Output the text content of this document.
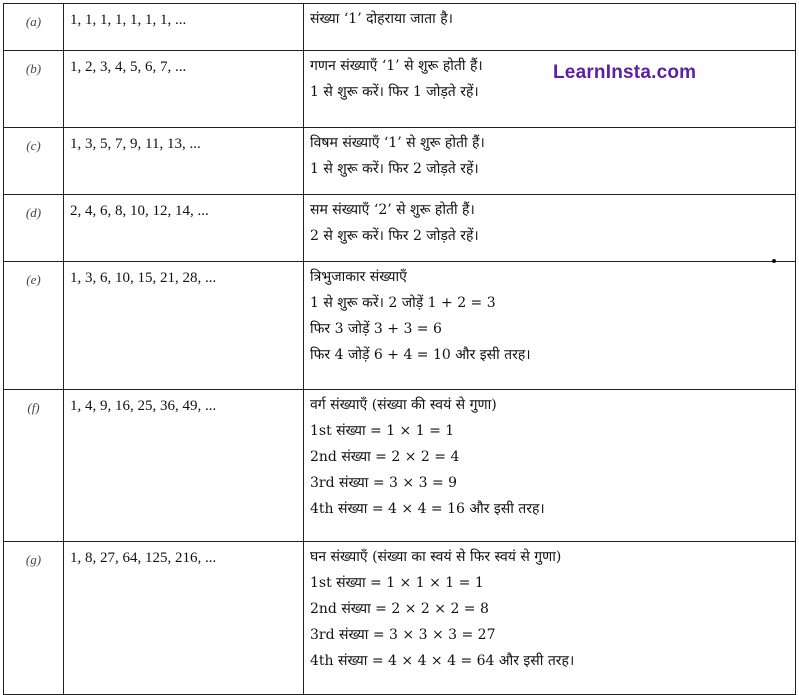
(a)	1, 1, 1, 1, 1, 1, 1, ...	संख्या ‘1’ दोहराया जाता है।

(b)	1, 2, 3, 4, 5, 6, 7, ...	गणन संख्याएँ ‘1’ से शुरू होती हैं।
1 से शुरू करें। फिर 1 जोड़ते रहें।

(c)	1, 3, 5, 7, 9, 11, 13, ...	विषम संख्याएँ ‘1’ से शुरू होती हैं।
1 से शुरू करें। फिर 2 जोड़ते रहें।

(d)	2, 4, 6, 8, 10, 12, 14, ...	सम संख्याएँ ‘2’ से शुरू होती हैं।
2 से शुरू करें। फिर 2 जोड़ते रहें।

(e)	1, 3, 6, 10, 15, 21, 28, ...	त्रिभुजाकार संख्याएँ
1 से शुरू करें। 2 जोड़ें 1 + 2 = 3
फिर 3 जोड़ें 3 + 3 = 6
फिर 4 जोड़ें 6 + 4 = 10 और इसी तरह।

(f)	1, 4, 9, 16, 25, 36, 49, ...	वर्ग संख्याएँ (संख्या की स्वयं से गुणा)
1st संख्या = 1 × 1 = 1
2nd संख्या = 2 × 2 = 4
3rd संख्या = 3 × 3 = 9
4th संख्या = 4 × 4 = 16 और इसी तरह।

(g)	1, 8, 27, 64, 125, 216, ...	घन संख्याएँ (संख्या का स्वयं से फिर स्वयं से गुणा)
1st संख्या = 1 × 1 × 1 = 1
2nd संख्या = 2 × 2 × 2 = 8
3rd संख्या = 3 × 3 × 3 = 27
4th संख्या = 4 × 4 × 4 = 64 और इसी तरह।
LearnInsta.com
